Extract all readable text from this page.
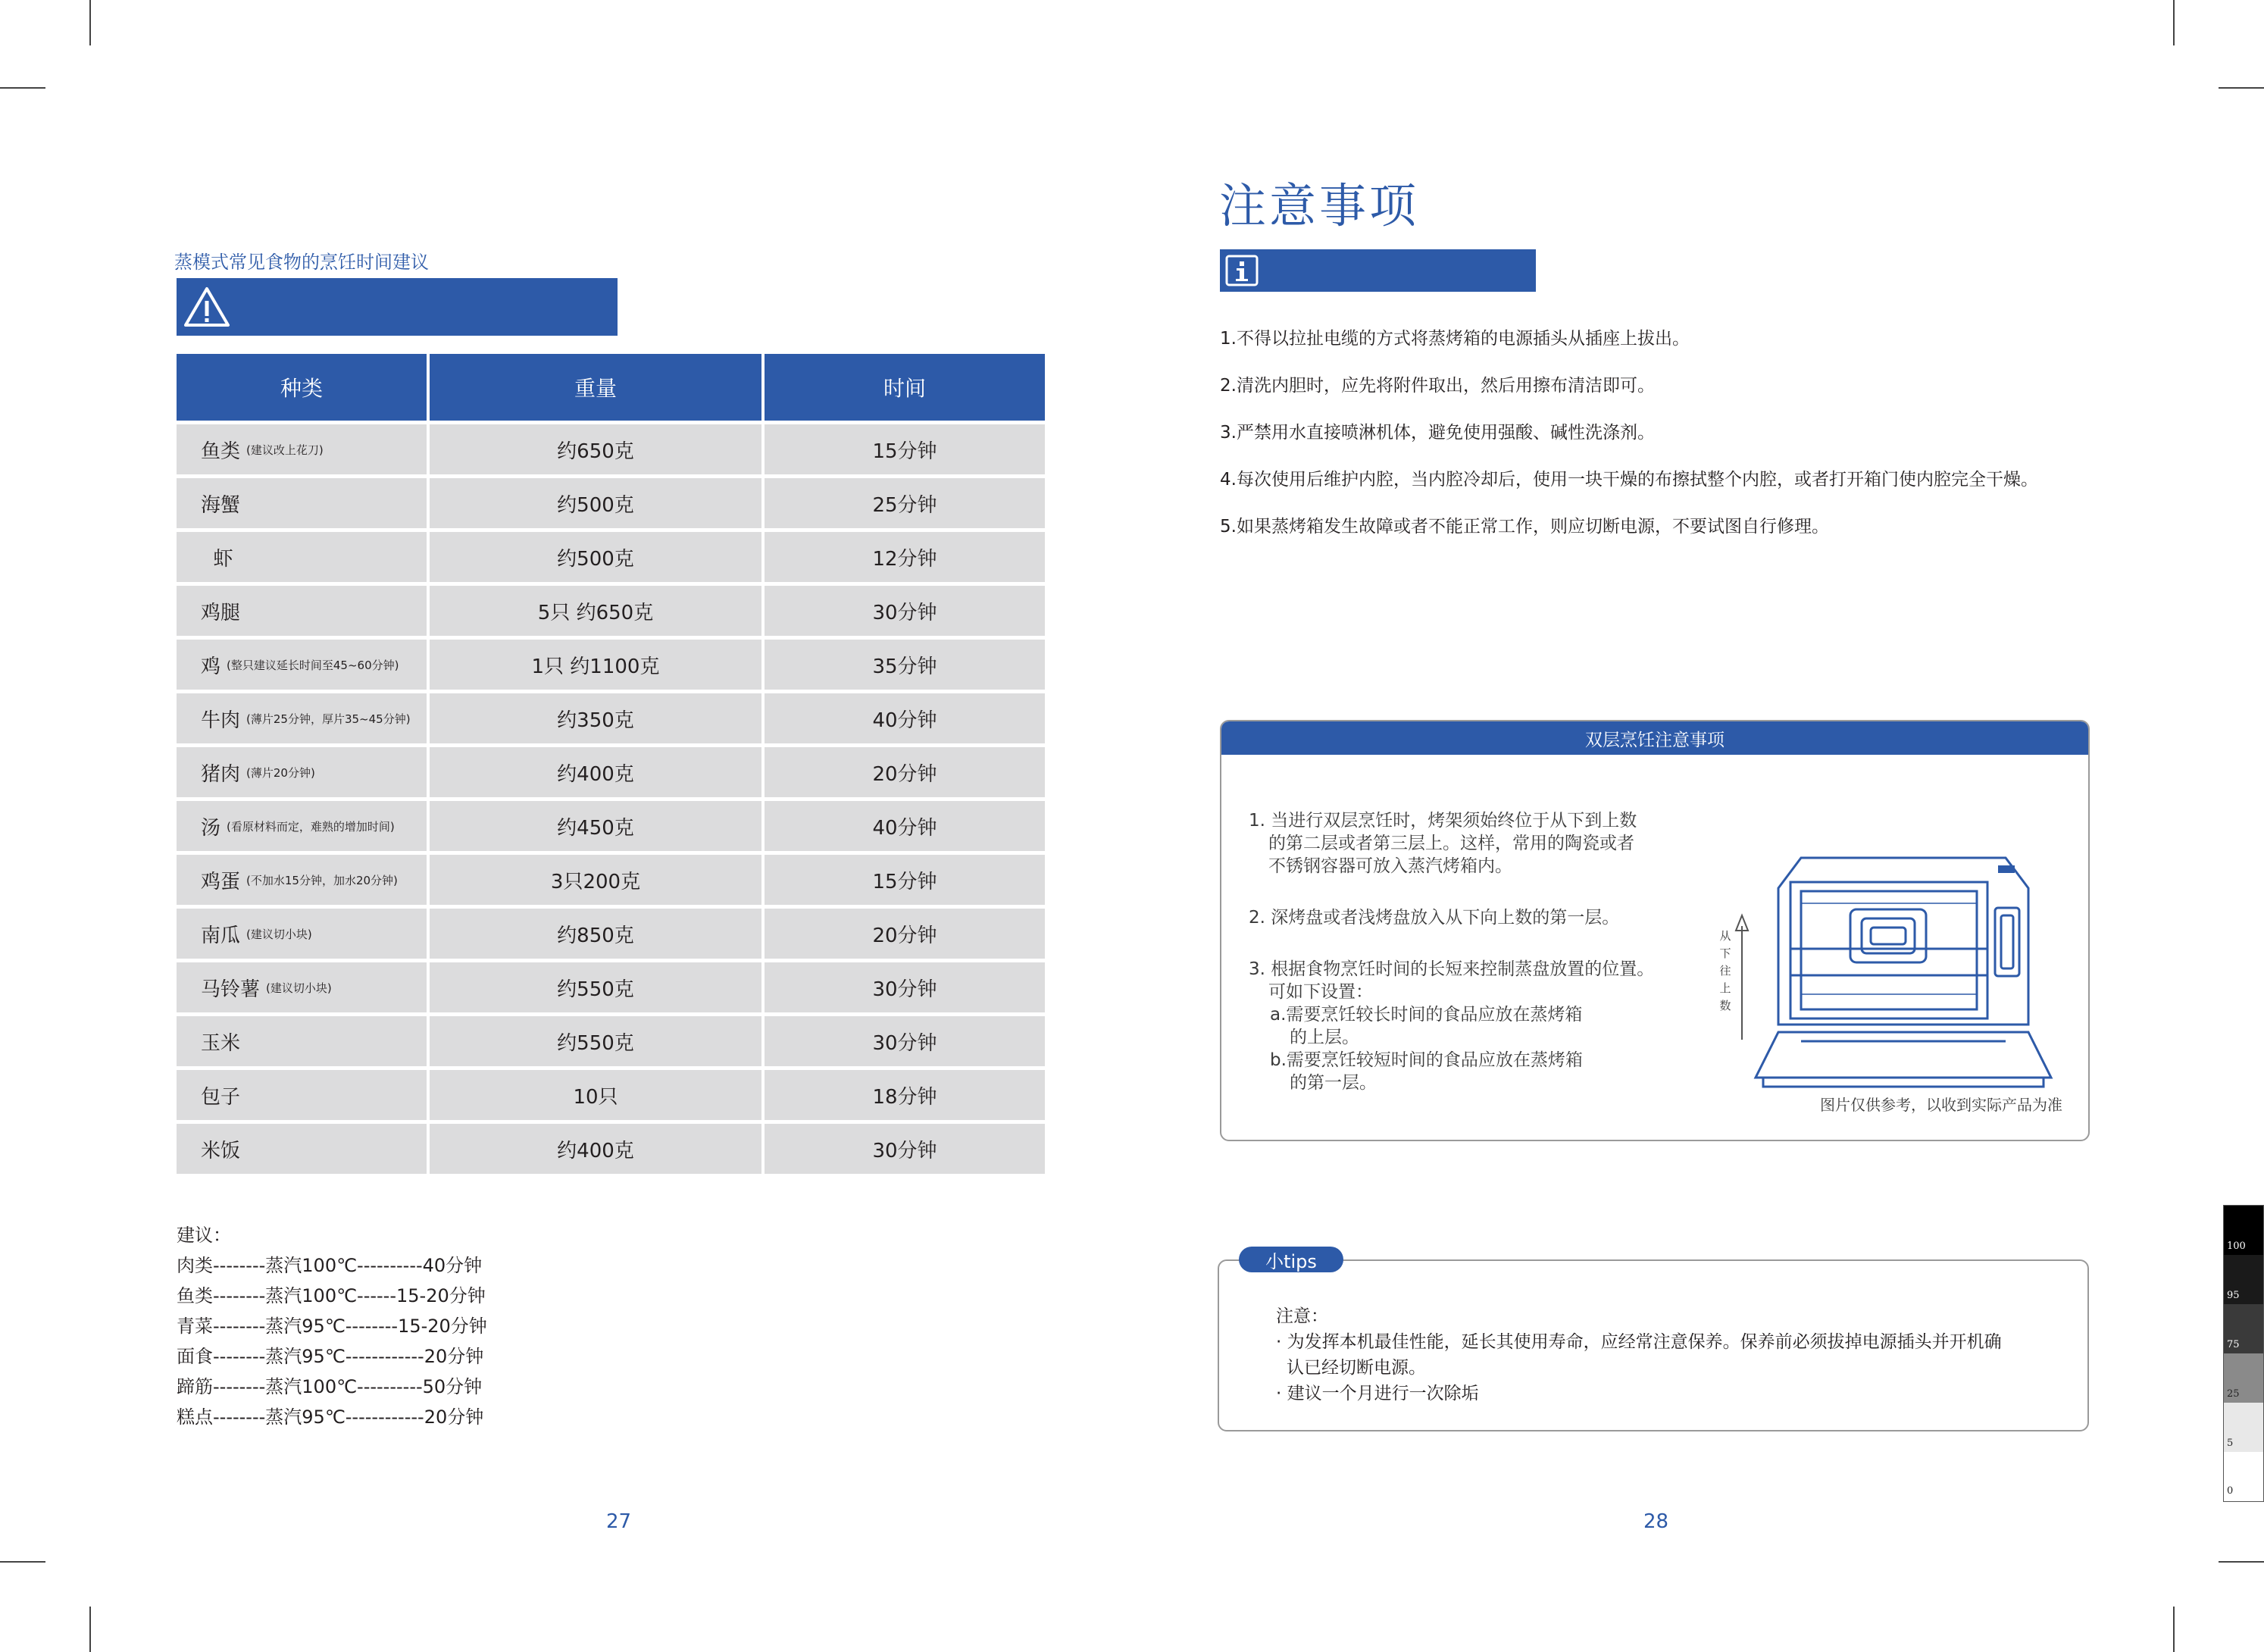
蒸模式常见食物的烹饪时间建议
种类	重量	时间
鱼类 (建议改上花刀)	约650克	15分钟
海蟹	约500克	25分钟
虾	约500克	12分钟
鸡腿	5只 约650克	30分钟
鸡 (整只建议延长时间至45~60分钟)	1只 约1100克	35分钟
牛肉 (薄片25分钟，厚片35~45分钟)	约350克	40分钟
猪肉 (薄片20分钟)	约400克	20分钟
汤 (看原材料而定，难熟的增加时间)	约450克	40分钟
鸡蛋 (不加水15分钟，加水20分钟)	3只200克	15分钟
南瓜 (建议切小块)	约850克	20分钟
马铃薯 (建议切小块)	约550克	30分钟
玉米	约550克	30分钟
包子	10只	18分钟
米饭	约400克	30分钟
建议：
肉类--------蒸汽100℃----------40分钟
鱼类--------蒸汽100℃------15-20分钟
青菜--------蒸汽95℃--------15-20分钟
面食--------蒸汽95℃------------20分钟
蹄筋--------蒸汽100℃----------50分钟
糕点--------蒸汽95℃------------20分钟
27
注意事项
1.不得以拉扯电缆的方式将蒸烤箱的电源插头从插座上拔出。
2.清洗内胆时，应先将附件取出，然后用擦布清洁即可。
3.严禁用水直接喷淋机体，避免使用强酸、碱性洗涤剂。
4.每次使用后维护内腔，当内腔冷却后，使用一块干燥的布擦拭整个内腔，或者打开箱门使内腔完全干燥。
5.如果蒸烤箱发生故障或者不能正常工作，则应切断电源，不要试图自行修理。
双层烹饪注意事项
1. 当进行双层烹饪时，烤架须始终位于从下到上数
的第二层或者第三层上。这样，常用的陶瓷或者
不锈钢容器可放入蒸汽烤箱内。
2. 深烤盘或者浅烤盘放入从下向上数的第一层。
3. 根据食物烹饪时间的长短来控制蒸盘放置的位置。
可如下设置：
a.需要烹饪较长时间的食品应放在蒸烤箱
的上层。
b.需要烹饪较短时间的食品应放在蒸烤箱
的第一层。
从
下
往
上
数
图片仅供参考，以收到实际产品为准
小tips
注意：
· 为发挥本机最佳性能，延长其使用寿命，应经常注意保养。保养前必须拔掉电源插头并开机确
认已经切断电源。
· 建议一个月进行一次除垢
28
100
95
75
25
5
0
